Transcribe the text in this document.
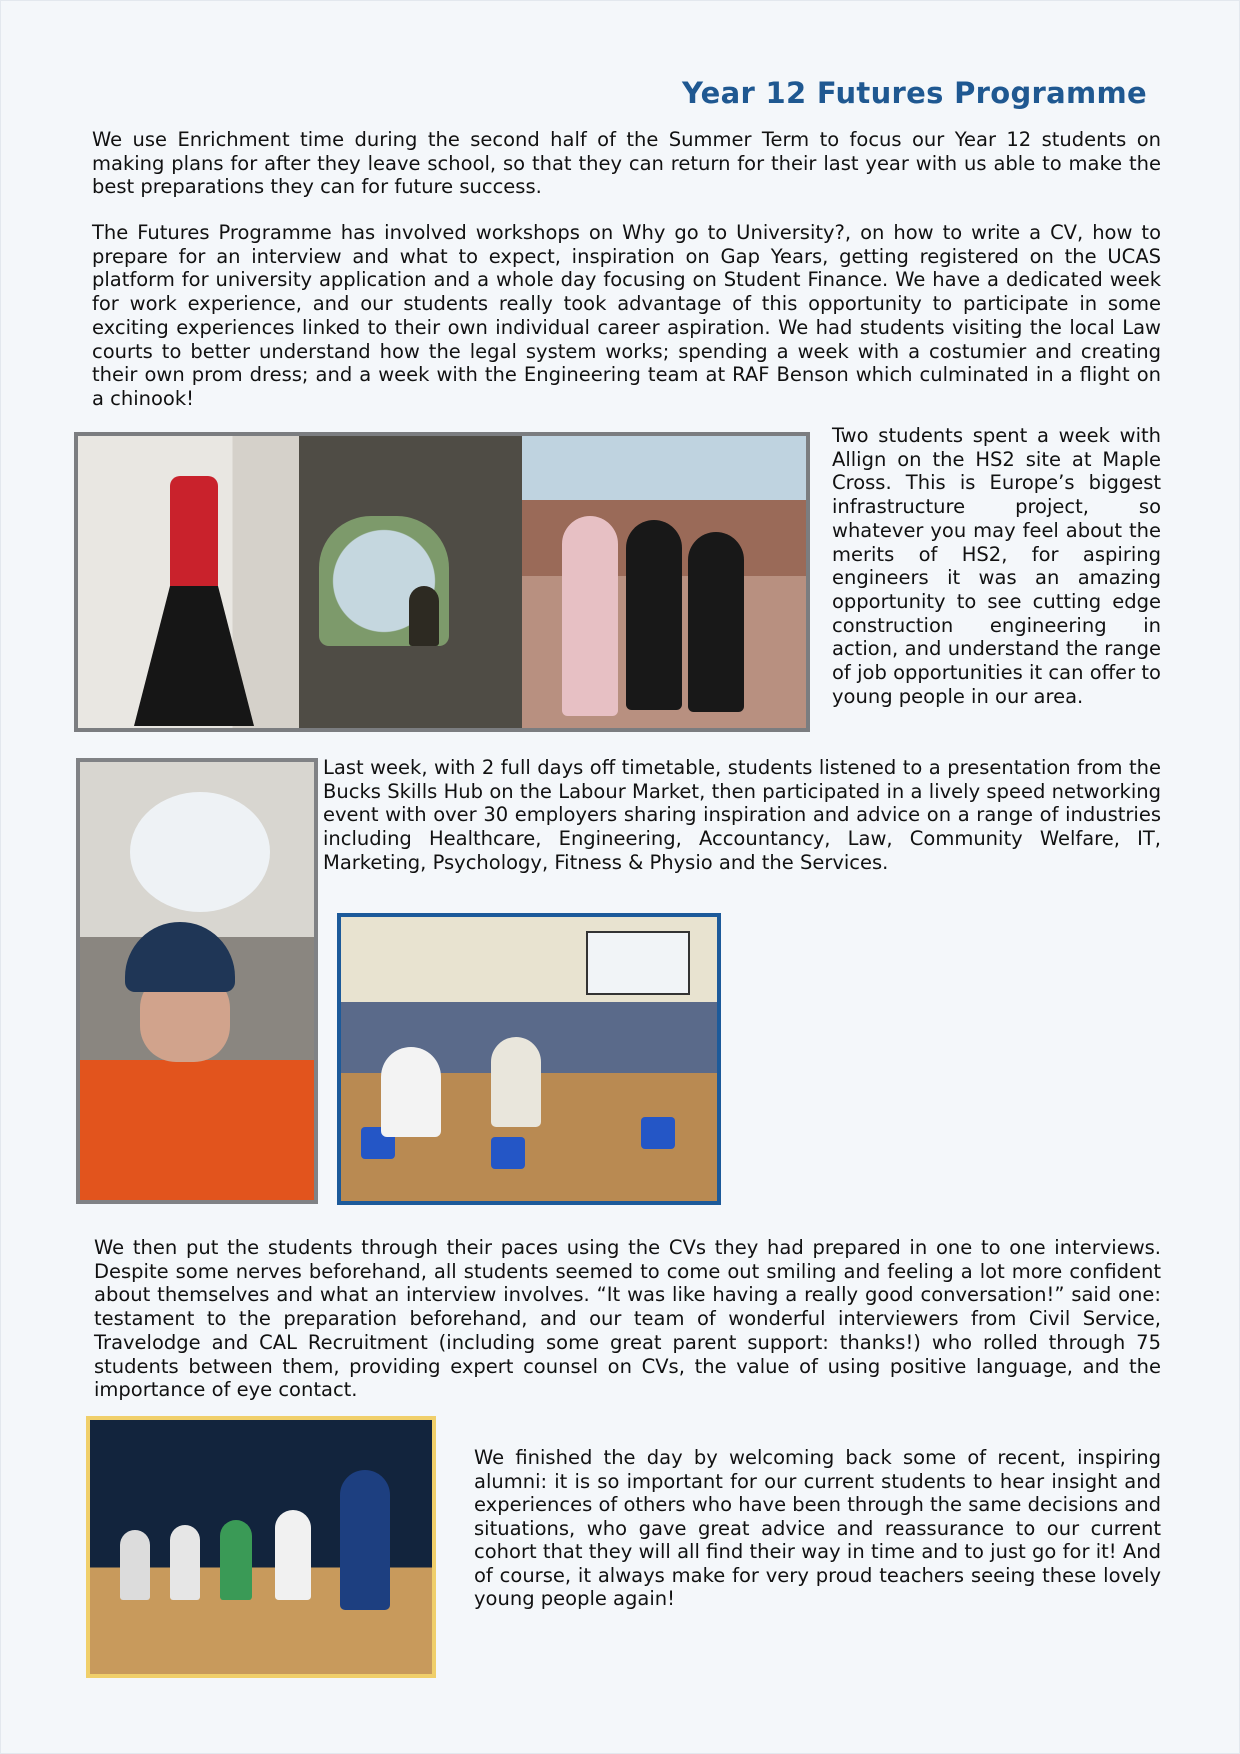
Year 12 Futures Programme

We use Enrichment time during the second half of the Summer Term to focus our Year 12 students on making plans for after they leave school, so that they can return for their last year with us able to make the best preparations they can for future success.

The Futures Programme has involved workshops on Why go to University?, on how to write a CV, how to prepare for an interview and what to expect, inspiration on Gap Years, getting registered on the UCAS platform for university application and a whole day focusing on Student Finance. We have a dedicated week for work experience, and our students really took advantage of this opportunity to participate in some exciting experiences linked to their own individual career aspiration. We had students visiting the local Law courts to better understand how the legal system works; spending a week with a costumier and creating their own prom dress; and a week with the Engineering team at RAF Benson which culminated in a flight on a chinook!

Two students spent a week with Allign on the HS2 site at Maple Cross. This is Europe’s biggest infrastructure project, so whatever you may feel about the merits of HS2, for aspiring engineers it was an amazing opportunity to see cutting edge construction engineering in action, and understand the range of job opportunities it can offer to young people in our area.

Last week, with 2 full days off timetable, students listened to a presentation from the Bucks Skills Hub on the Labour Market, then participated in a lively speed networking event with over 30 employers sharing inspiration and advice on a range of industries including Healthcare, Engineering, Accountancy, Law, Community Welfare, IT, Marketing, Psychology, Fitness & Physio and the Services.

We then put the students through their paces using the CVs they had prepared in one to one interviews. Despite some nerves beforehand, all students seemed to come out smiling and feeling a lot more confident about themselves and what an interview involves. “It was like having a really good conversation!” said one: testament to the preparation beforehand, and our team of wonderful interviewers from Civil Service, Travelodge and CAL Recruitment (including some great parent support: thanks!) who rolled through 75 students between them, providing expert counsel on CVs, the value of using positive language, and the importance of eye contact.

We finished the day by welcoming back some of recent, inspiring alumni: it is so important for our current students to hear insight and experiences of others who have been through the same decisions and situations, who gave great advice and reassurance to our current cohort that they will all find their way in time and to just go for it! And of course, it always make for very proud teachers seeing these lovely young people again!
